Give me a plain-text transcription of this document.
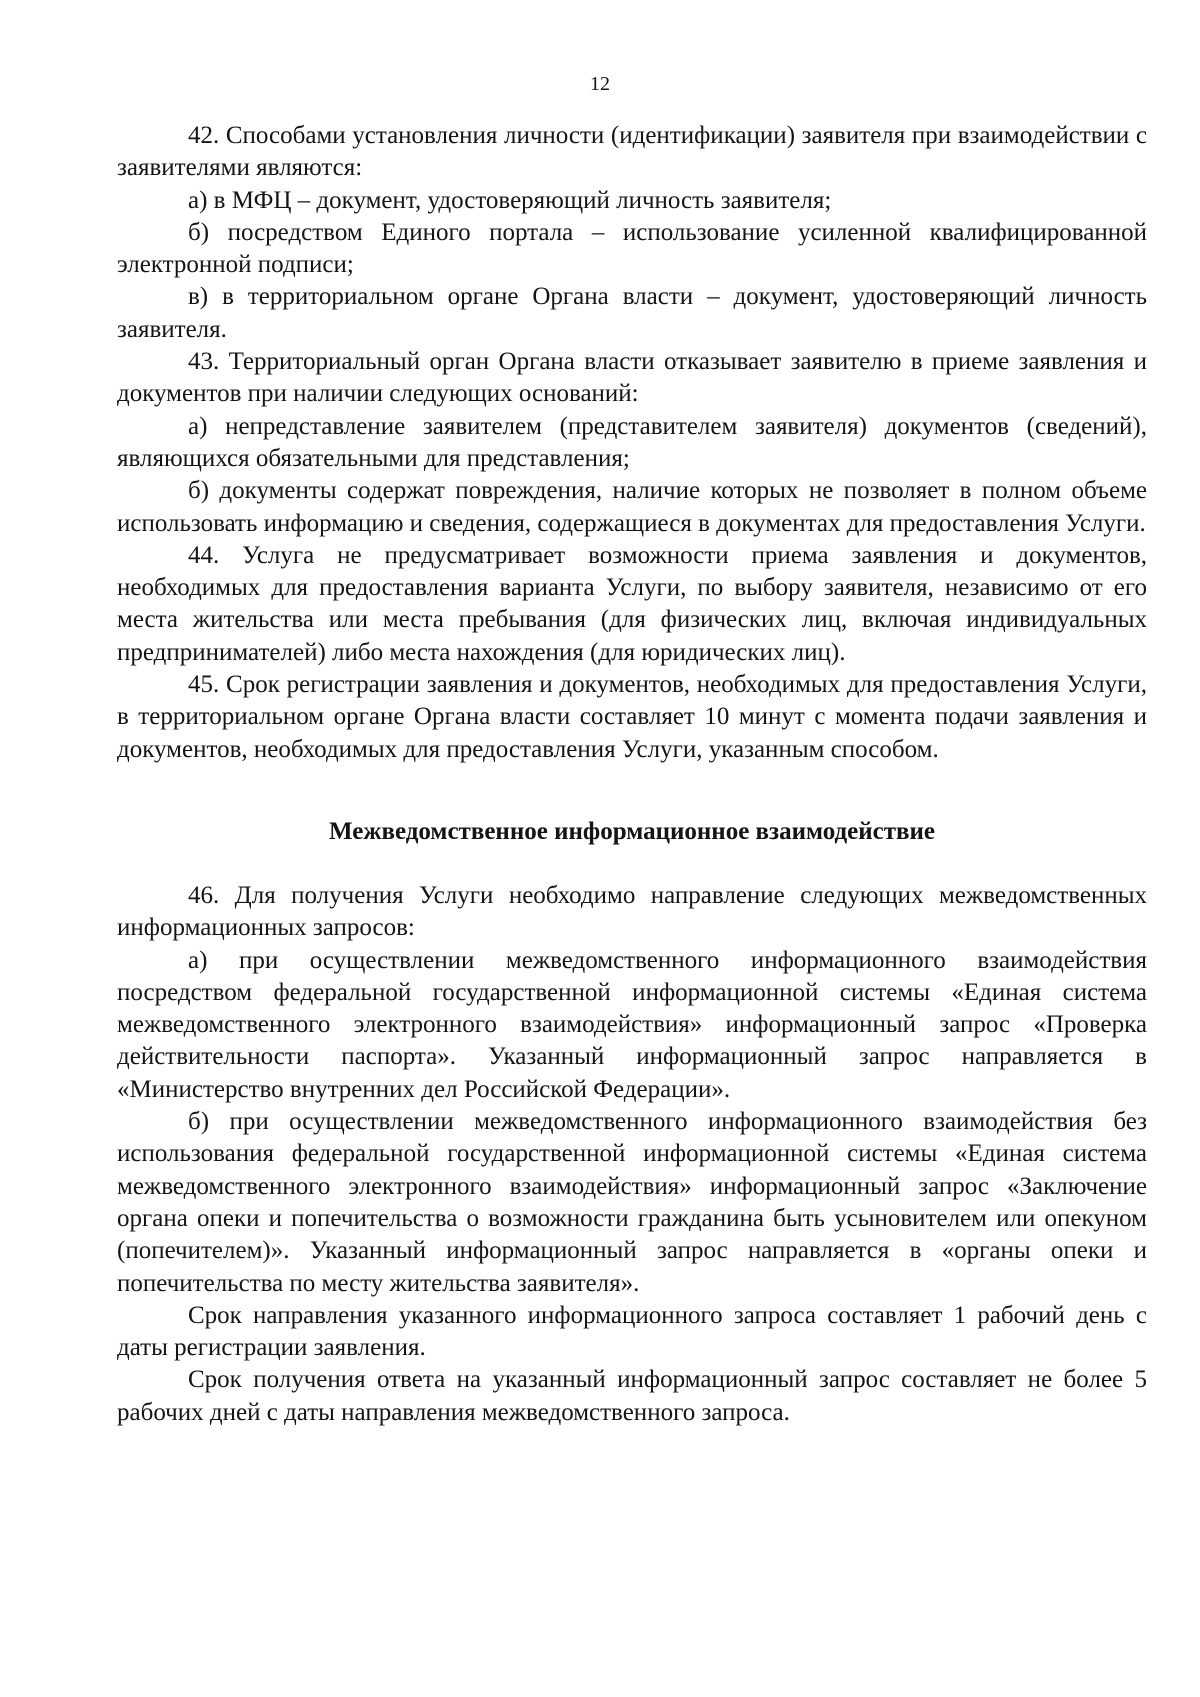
12

42. Способами установления личности (идентификации) заявителя при взаимодействии с заявителями являются:

а) в МФЦ – документ, удостоверяющий личность заявителя;

б) посредством Единого портала – использование усиленной квалифицированной электронной подписи;

в) в территориальном органе Органа власти – документ, удостоверяющий личность заявителя.

43. Территориальный орган Органа власти отказывает заявителю в приеме заявления и документов при наличии следующих оснований:

а) непредставление заявителем (представителем заявителя) документов (сведений), являющихся обязательными для представления;

б) документы содержат повреждения, наличие которых не позволяет в полном объеме использовать информацию и сведения, содержащиеся в документах для предоставления Услуги.

44. Услуга не предусматривает возможности приема заявления и документов, необходимых для предоставления варианта Услуги, по выбору заявителя, независимо от его места жительства или места пребывания (для физических лиц, включая индивидуальных предпринимателей) либо места нахождения (для юридических лиц).

45. Срок регистрации заявления и документов, необходимых для предоставления Услуги, в территориальном органе Органа власти составляет 10 минут с момента подачи заявления и документов, необходимых для предоставления Услуги, указанным способом.

Межведомственное информационное взаимодействие

46. Для получения Услуги необходимо направление следующих межведомственных информационных запросов:

а) при осуществлении межведомственного информационного взаимодействия посредством федеральной государственной информационной системы «Единая система межведомственного электронного взаимодействия» информационный запрос «Проверка действительности паспорта». Указанный информационный запрос направляется в «Министерство внутренних дел Российской Федерации».

б) при осуществлении межведомственного информационного взаимодействия без использования федеральной государственной информационной системы «Единая система межведомственного электронного взаимодействия» информационный запрос «Заключение органа опеки и попечительства о возможности гражданина быть усыновителем или опекуном (попечителем)». Указанный информационный запрос направляется в «органы опеки и попечительства по месту жительства заявителя».

Срок направления указанного информационного запроса составляет 1 рабочий день с даты регистрации заявления.

Срок получения ответа на указанный информационный запрос составляет не более 5 рабочих дней с даты направления межведомственного запроса.
